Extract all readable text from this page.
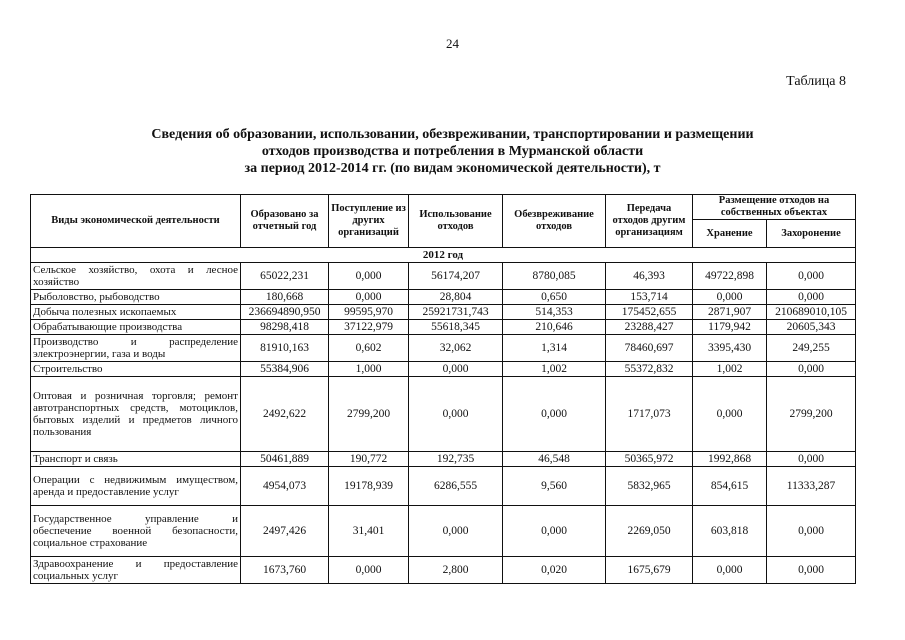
24
Таблица 8
Сведения об образовании, использовании, обезвреживании, транспортировании и размещении
отходов производства и потребления в Мурманской области
за период 2012-2014 гг. (по видам экономической деятельности), т
Виды экономической деятельности	Образовано за отчетный год	Поступление из других организаций	Использование отходов	Обезвреживание отходов	Передача отходов другим организациям	Размещение отходов на собственных объектах	
						Хранение	Захоронение
2012 год							
Сельское хозяйство, охота и лесное хозяйство	65022,231	0,000	56174,207	8780,085	46,393	49722,898	0,000
Рыболовство, рыбоводство	180,668	0,000	28,804	0,650	153,714	0,000	0,000
Добыча полезных ископаемых	236694890,950	99595,970	25921731,743	514,353	175452,655	2871,907	210689010,105
Обрабатывающие производства	98298,418	37122,979	55618,345	210,646	23288,427	1179,942	20605,343
Производство и распределение электроэнергии, газа и воды	81910,163	0,602	32,062	1,314	78460,697	3395,430	249,255
Строительство	55384,906	1,000	0,000	1,002	55372,832	1,002	0,000
Оптовая и розничная торговля; ремонт автотранспортных средств, мотоциклов, бытовых изделий и предметов личного пользования	2492,622	2799,200	0,000	0,000	1717,073	0,000	2799,200
Транспорт и связь	50461,889	190,772	192,735	46,548	50365,972	1992,868	0,000
Операции с недвижимым имуществом, аренда и предоставление услуг	4954,073	19178,939	6286,555	9,560	5832,965	854,615	11333,287
Государственное управление и обеспечение военной безопасности, социальное страхование	2497,426	31,401	0,000	0,000	2269,050	603,818	0,000
Здравоохранение и предоставление социальных услуг	1673,760	0,000	2,800	0,020	1675,679	0,000	0,000
